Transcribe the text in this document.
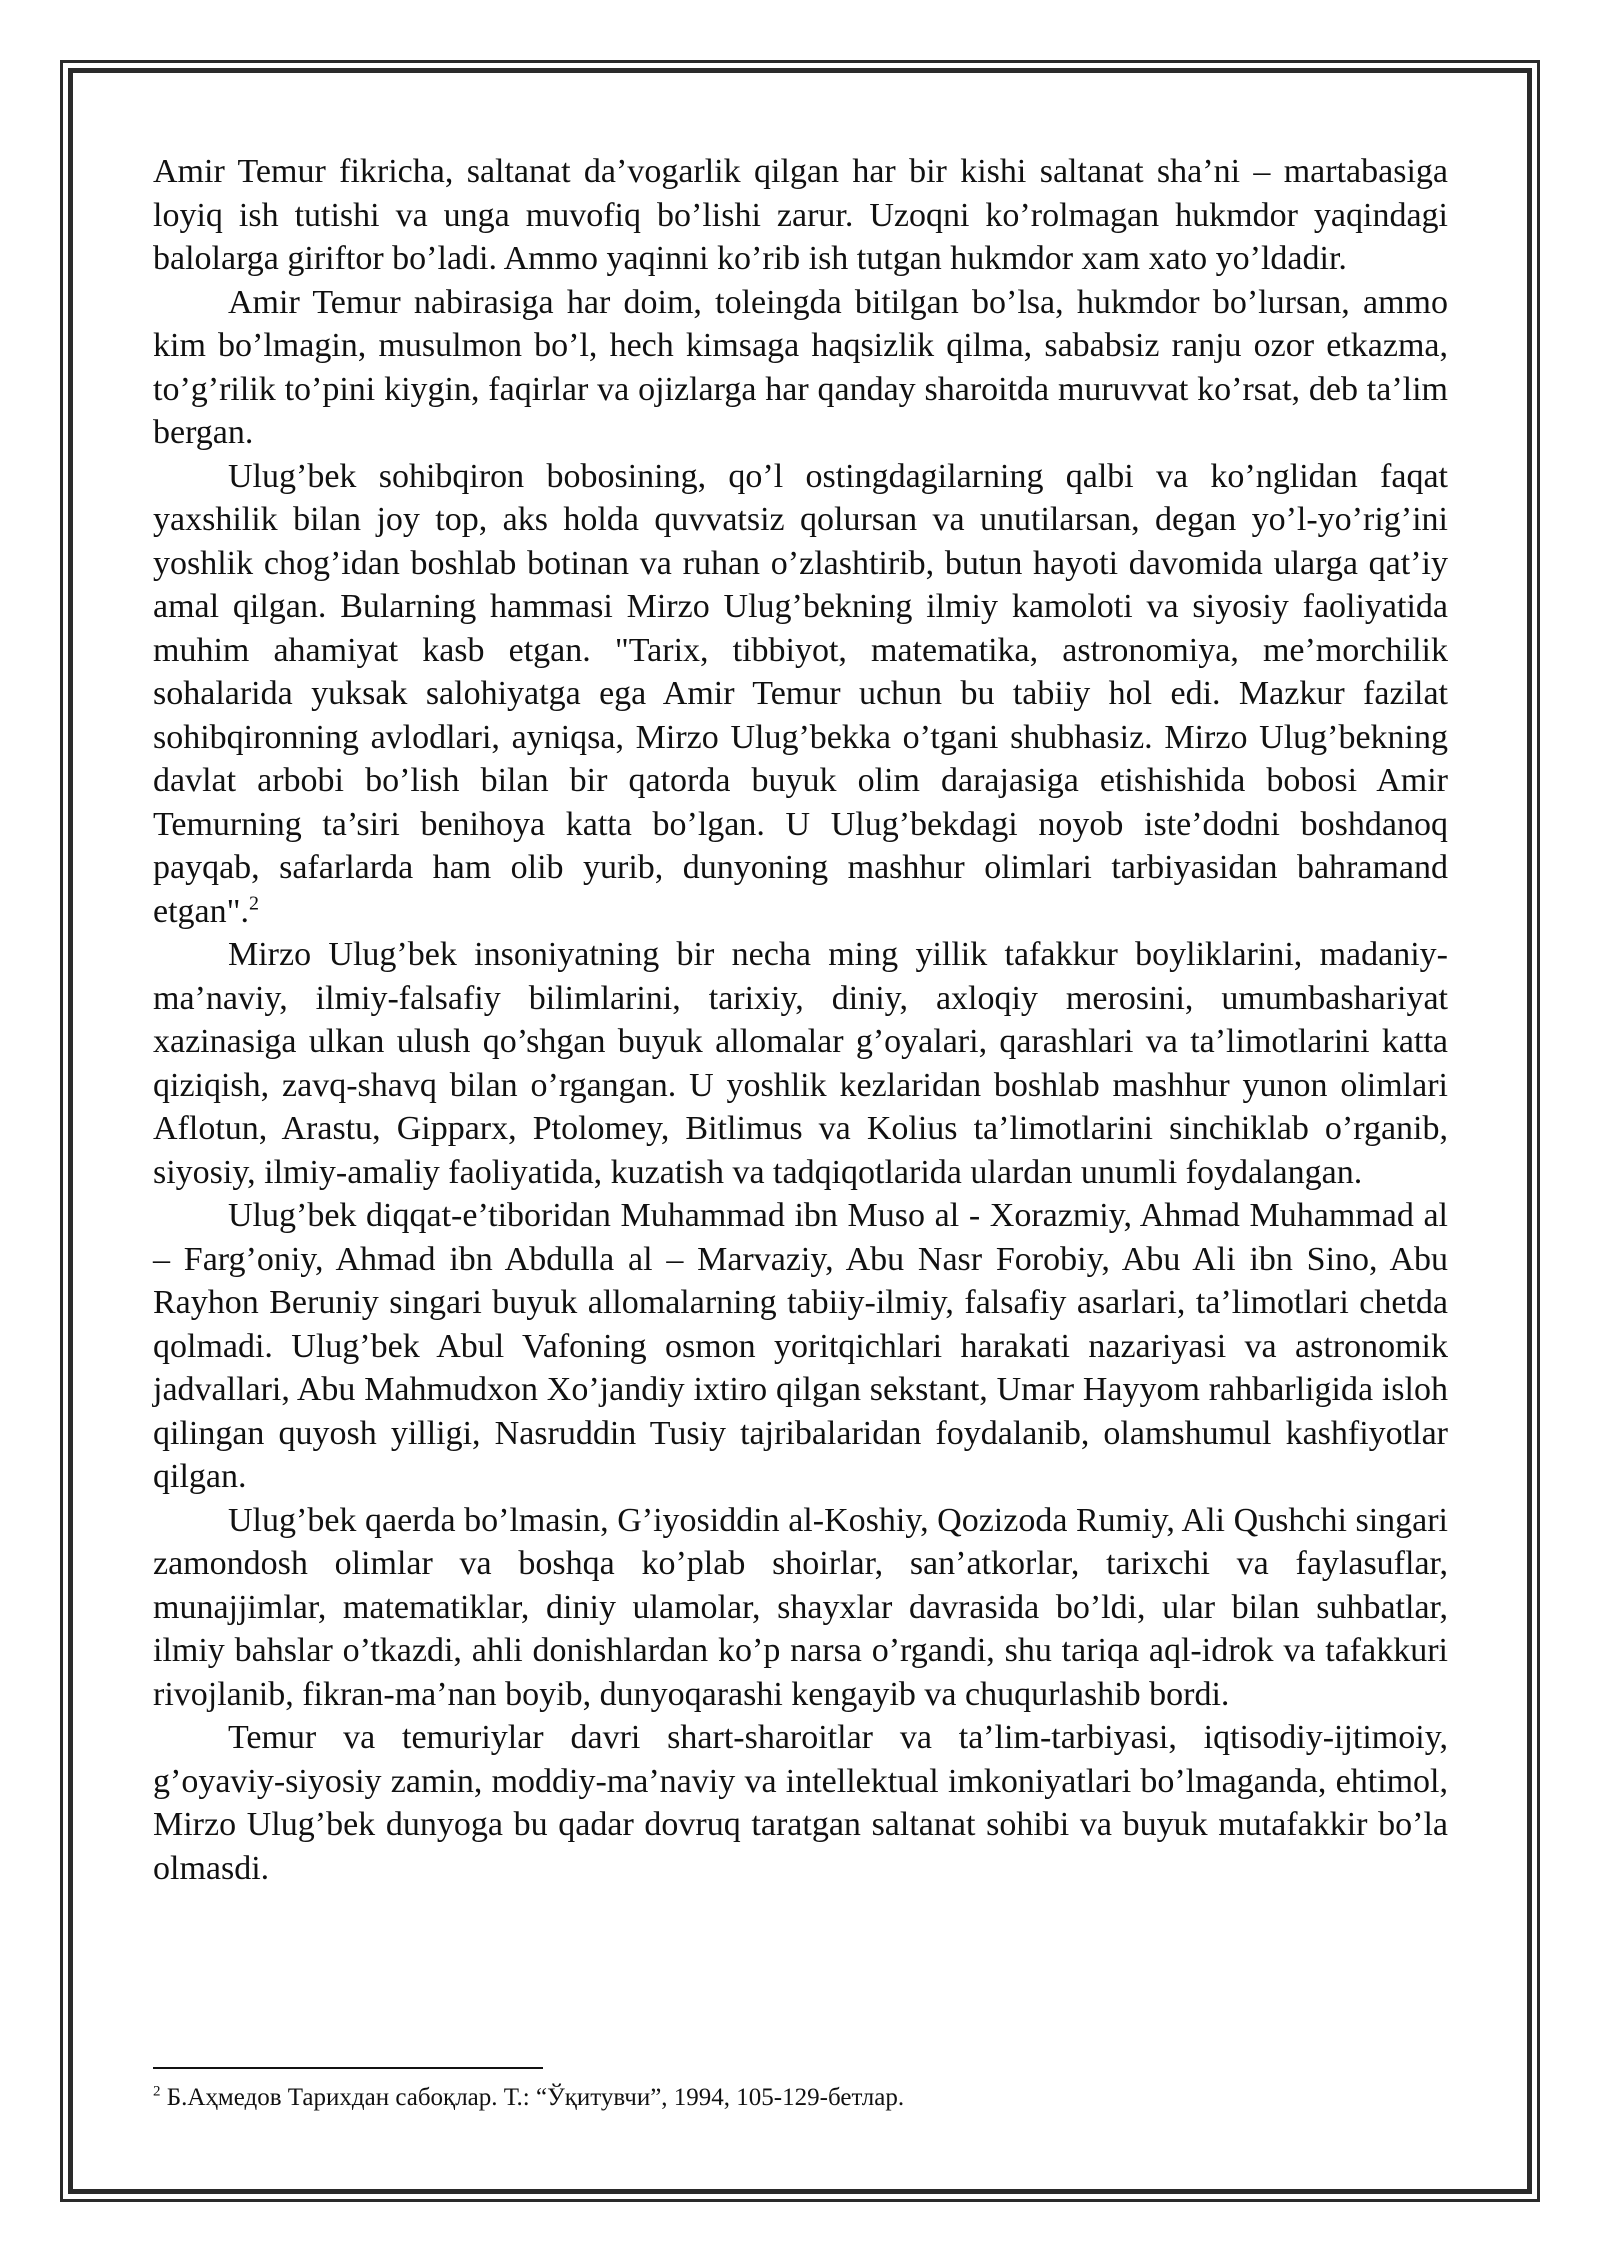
Amir Temur fikricha, saltanat da’vogarlik qilgan har bir kishi saltanat sha’ni – martabasiga loyiq ish tutishi va unga muvofiq bo’lishi zarur. Uzoqni ko’rolmagan hukmdor yaqindagi balolarga giriftor bo’ladi. Ammo yaqinni ko’rib ish tutgan hukmdor xam xato yo’ldadir.

Amir Temur nabirasiga har doim, toleingda bitilgan bo’lsa, hukmdor bo’lursan, ammo kim bo’lmagin, musulmon bo’l, hech kimsaga haqsizlik qilma, sababsiz ranju ozor etkazma, to’g’rilik to’pini kiygin, faqirlar va ojizlarga har qanday sharoitda muruvvat ko’rsat, deb ta’lim bergan.

Ulug’bek sohibqiron bobosining, qo’l ostingdagilarning qalbi va ko’nglidan faqat yaxshilik bilan joy top, aks holda quvvatsiz qolursan va unutilarsan, degan yo’l-yo’rig’ini yoshlik chog’idan boshlab botinan va ruhan o’zlashtirib, butun hayoti davomida ularga qat’iy amal qilgan. Bularning hammasi Mirzo Ulug’bekning ilmiy kamoloti va siyosiy faoliyatida muhim ahamiyat kasb etgan. "Tarix, tibbiyot, matematika, astronomiya, me’morchilik sohalarida yuksak salohiyatga ega Amir Temur uchun bu tabiiy hol edi. Mazkur fazilat sohibqironning avlodlari, ayniqsa, Mirzo Ulug’bekka o’tgani shubhasiz. Mirzo Ulug’bekning davlat arbobi bo’lish bilan bir qatorda buyuk olim darajasiga etishishida bobosi Amir Temurning ta’siri benihoya katta bo’lgan. U Ulug’bekdagi noyob iste’dodni boshdanoq payqab, safarlarda ham olib yurib, dunyoning mashhur olimlari tarbiyasidan bahramand etgan".$^2$

Mirzo Ulug’bek insoniyatning bir necha ming yillik tafakkur boyliklarini, madaniy-ma’naviy, ilmiy-falsafiy bilimlarini, tarixiy, diniy, axloqiy merosini, umumbashariyat xazinasiga ulkan ulush qo’shgan buyuk allomalar g’oyalari, qarashlari va ta’limotlarini katta qiziqish, zavq-shavq bilan o’rgangan. U yoshlik kezlaridan boshlab mashhur yunon olimlari Aflotun, Arastu, Gipparx, Ptolomey, Bitlimus va Kolius ta’limotlarini sinchiklab o’rganib, siyosiy, ilmiy-amaliy faoliyatida, kuzatish va tadqiqotlarida ulardan unumli foydalangan.

Ulug’bek diqqat-e’tiboridan Muhammad ibn Muso al - Xorazmiy, Ahmad Muhammad al – Farg’oniy, Ahmad ibn Abdulla al – Marvaziy, Abu Nasr Forobiy, Abu Ali ibn Sino, Abu Rayhon Beruniy singari buyuk allomalarning tabiiy-ilmiy, falsafiy asarlari, ta’limotlari chetda qolmadi. Ulug’bek Abul Vafoning osmon yoritqichlari harakati nazariyasi va astronomik jadvallari, Abu Mahmudxon Xo’jandiy ixtiro qilgan sekstant, Umar Hayyom rahbarligida isloh qilingan quyosh yilligi, Nasruddin Tusiy tajribalaridan foydalanib, olamshumul kashfiyotlar qilgan.

Ulug’bek qaerda bo’lmasin, G’iyosiddin al-Koshiy, Qozizoda Rumiy, Ali Qushchi singari zamondosh olimlar va boshqa ko’plab shoirlar, san’atkorlar, tarixchi va faylasuflar, munajjimlar, matematiklar, diniy ulamolar, shayxlar davrasida bo’ldi, ular bilan suhbatlar, ilmiy bahslar o’tkazdi, ahli donishlardan ko’p narsa o’rgandi, shu tariqa aql-idrok va tafakkuri rivojlanib, fikran-ma’nan boyib, dunyoqarashi kengayib va chuqurlashib bordi.

Temur va temuriylar davri shart-sharoitlar va ta’lim-tarbiyasi, iqtisodiy-ijtimoiy, g’oyaviy-siyosiy zamin, moddiy-ma’naviy va intellektual imkoniyatlari bo’lmaganda, ehtimol, Mirzo Ulug’bek dunyoga bu qadar dovruq taratgan saltanat sohibi va buyuk mutafakkir bo’la olmasdi.

$^2$ Б.Аҳмедов Тарихдан сабоқлар. Т.: “Ўқитувчи”, 1994, 105-129-бетлар.
